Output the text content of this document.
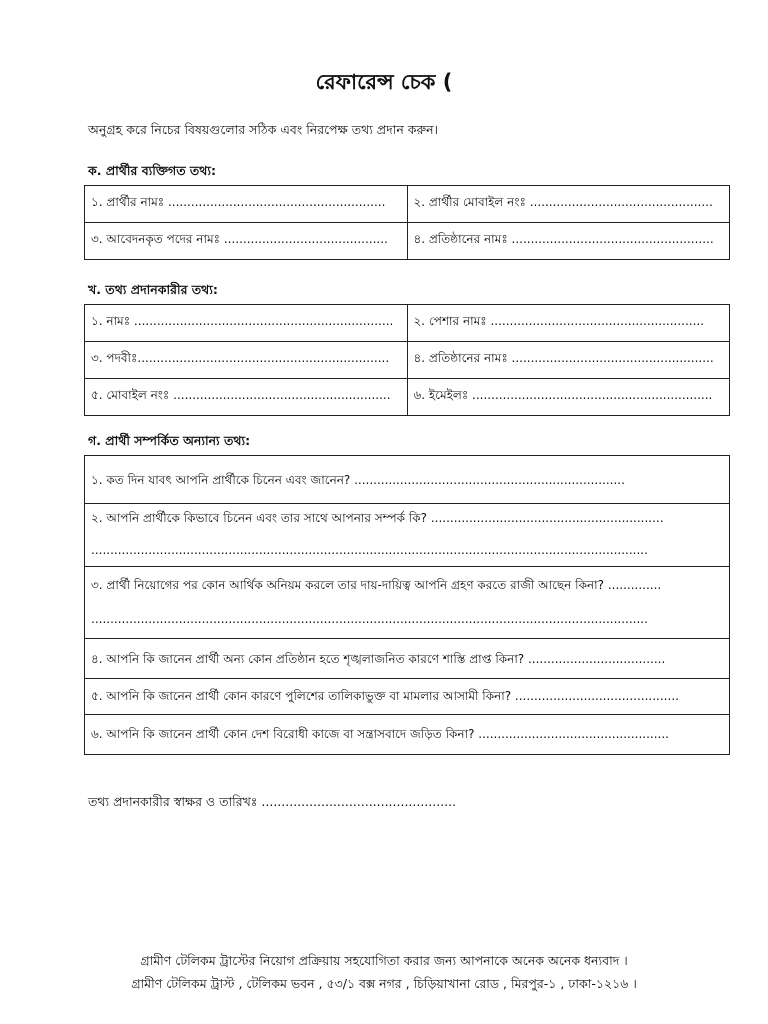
রেফারেন্স চেক (
অনুগ্রহ করে নিচের বিষয়গুলোর সঠিক এবং নিরপেক্ষ তথ্য প্রদান করুন।
ক. প্রার্থীর ব্যক্তিগত তথ্য:
১. প্রার্থীর নামঃ .........................................................	২. প্রার্থীর মোবাইল নংঃ ................................................
৩. আবেদনকৃত পদের নামঃ ...........................................	৪. প্রতিষ্ঠানের নামঃ .....................................................
খ. তথ্য প্রদানকারীর তথ্য:
১. নামঃ ....................................................................	২. পেশার নামঃ ........................................................
৩. পদবীঃ..................................................................	৪. প্রতিষ্ঠানের নামঃ .....................................................
৫. মোবাইল নংঃ .........................................................	৬. ইমেইলঃ ...............................................................
গ. প্রার্থী সম্পর্কিত অন্যান্য তথ্য:
১. কত দিন যাবৎ আপনি প্রার্থীকে চিনেন এবং জানেন? .......................................................................
২. আপনি প্রার্থীকে কিভাবে চিনেন এবং তার সাথে আপনার সম্পর্ক কি? .............................................................
..................................................................................................................................................
৩. প্রার্থী নিয়োগের পর কোন আর্থিক অনিয়ম করলে তার দায়-দায়িত্ব আপনি গ্রহণ করতে রাজী আছেন কিনা? ..............
..................................................................................................................................................
৪. আপনি কি জানেন প্রার্থী অন্য কোন প্রতিষ্ঠান হতে শৃঙ্খলাজনিত কারণে শাস্তি প্রাপ্ত কিনা? ....................................
৫. আপনি কি জানেন প্রার্থী কোন কারণে পুলিশের তালিকাভুক্ত বা মামলার আসামী কিনা? ...........................................
৬. আপনি কি জানেন প্রার্থী কোন দেশ বিরোধী কাজে বা সন্ত্রাসবাদে জড়িত কিনা? ..................................................
তথ্য প্রদানকারীর স্বাক্ষর ও তারিখঃ .................................................
গ্রামীণ টেলিকম ট্রাস্টের নিয়োগ প্রক্রিয়ায় সহযোগিতা করার জন্য আপনাকে অনেক অনেক ধন্যবাদ ।
গ্রামীণ টেলিকম ট্রাস্ট , টেলিকম ভবন , ৫৩/১ বক্স নগর , চিড়িয়াখানা রোড , মিরপুর-১ , ঢাকা-১২১৬ ।
